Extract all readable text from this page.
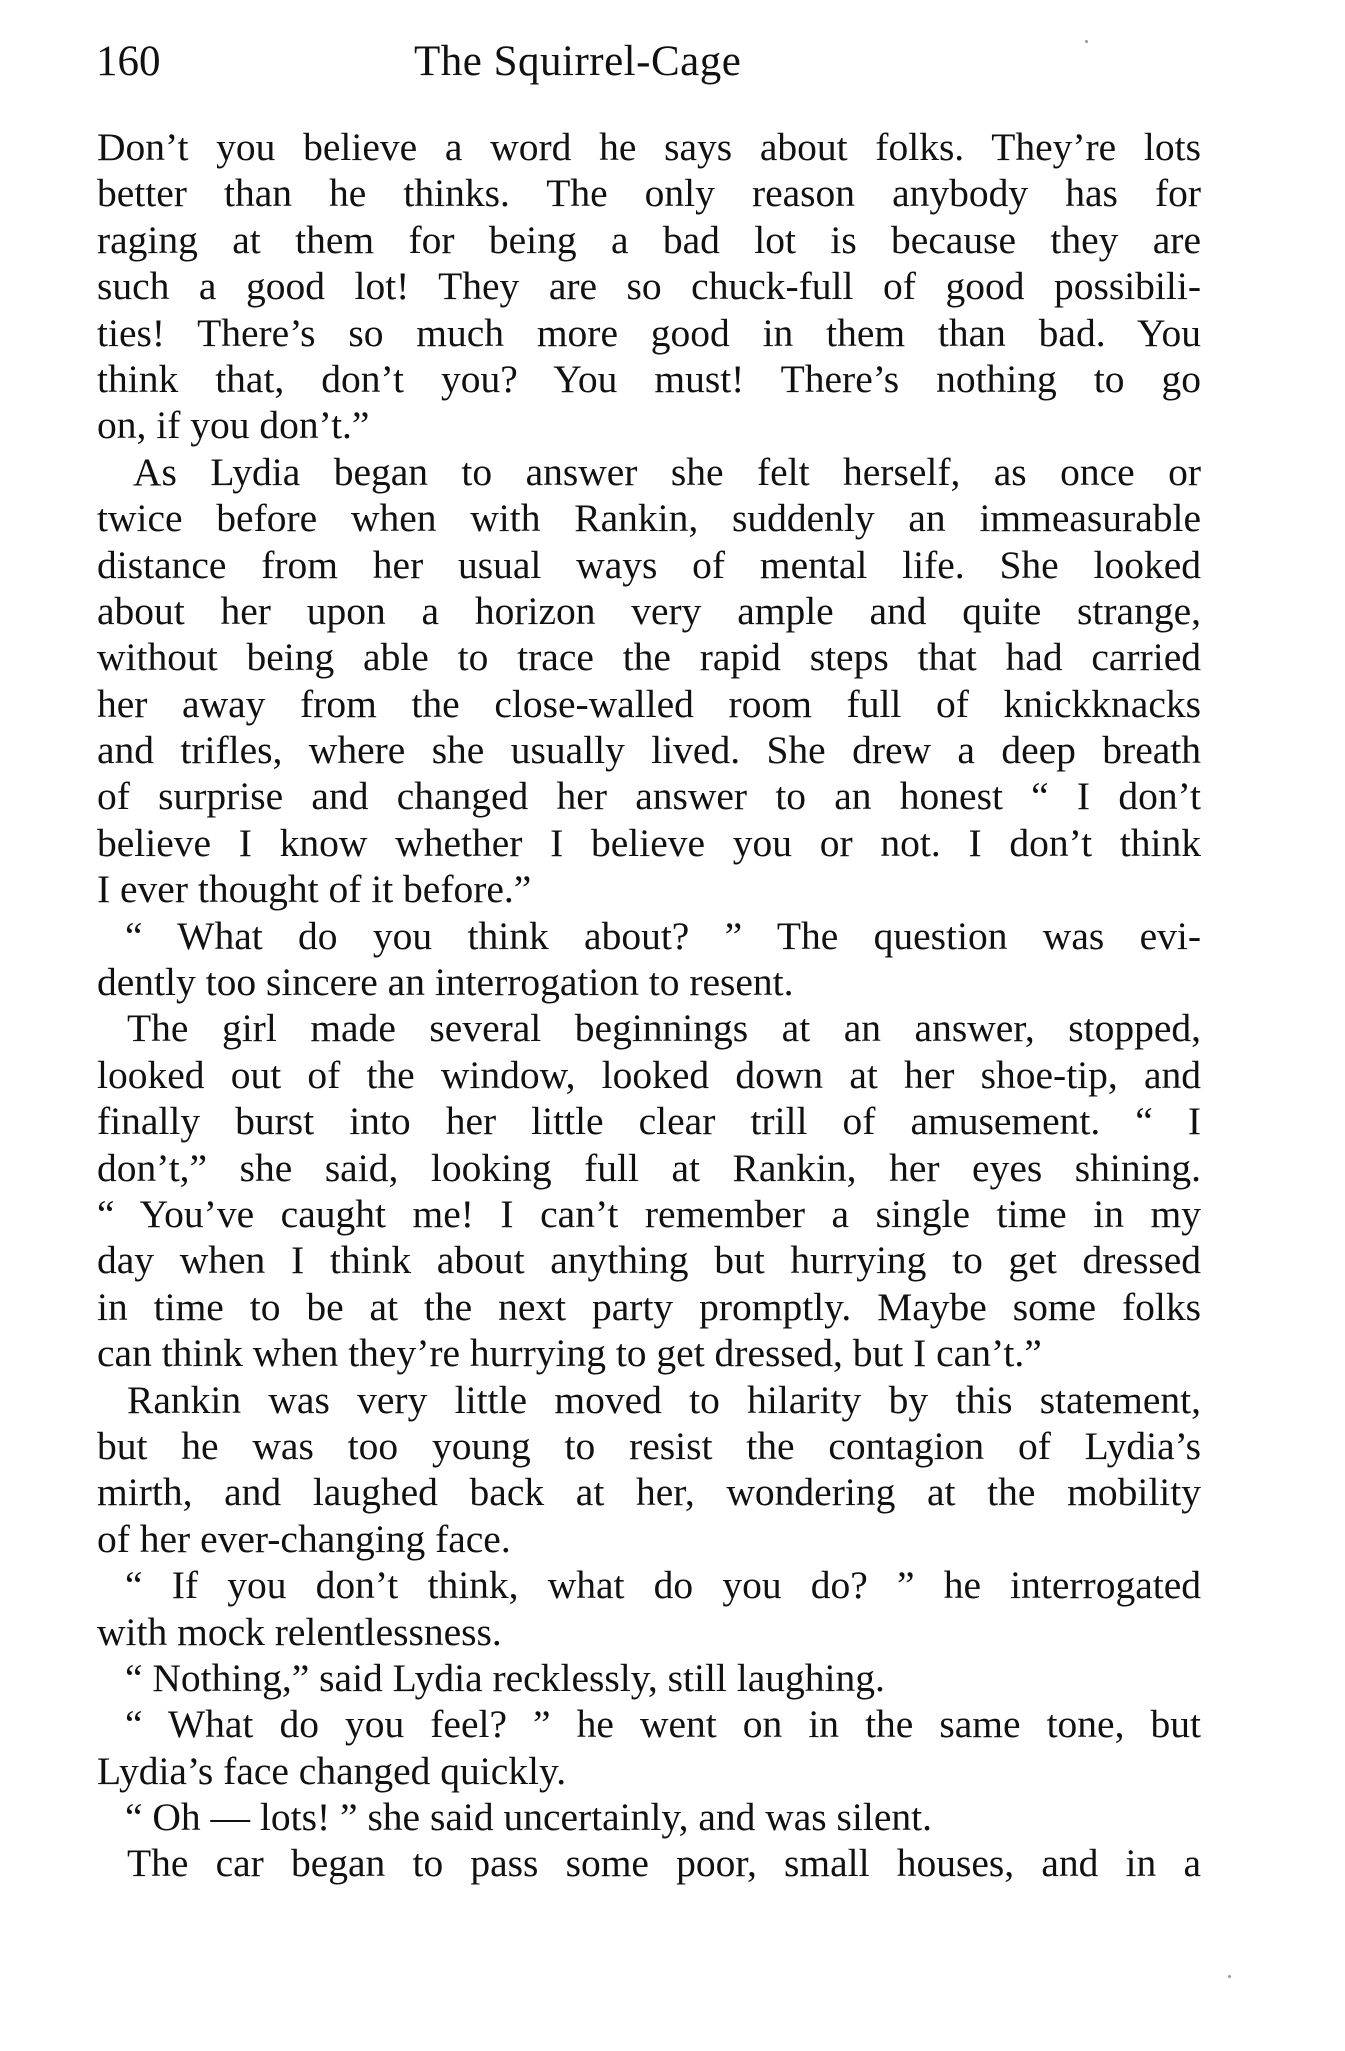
160	The Squirrel-Cage
Don’t you believe a word he says about folks. They’re lots
better than he thinks. The only reason anybody has for
raging at them for being a bad lot is because they are
such a good lot! They are so chuck-full of good possibili-
ties! There’s so much more good in them than bad. You
think that, don’t you? You must! There’s nothing to go
on, if you don’t.”
As Lydia began to answer she felt herself, as once or
twice before when with Rankin, suddenly an immeasurable
distance from her usual ways of mental life. She looked
about her upon a horizon very ample and quite strange,
without being able to trace the rapid steps that had carried
her away from the close-walled room full of knickknacks
and trifles, where she usually lived. She drew a deep breath
of surprise and changed her answer to an honest “ I don’t
believe I know whether I believe you or not. I don’t think
I ever thought of it before.”
“ What do you think about? ” The question was evi-
dently too sincere an interrogation to resent.
The girl made several beginnings at an answer, stopped,
looked out of the window, looked down at her shoe-tip, and
finally burst into her little clear trill of amusement. “ I
don’t,” she said, looking full at Rankin, her eyes shining.
“ You’ve caught me! I can’t remember a single time in my
day when I think about anything but hurrying to get dressed
in time to be at the next party promptly. Maybe some folks
can think when they’re hurrying to get dressed, but I can’t.”
Rankin was very little moved to hilarity by this statement,
but he was too young to resist the contagion of Lydia’s
mirth, and laughed back at her, wondering at the mobility
of her ever-changing face.
“ If you don’t think, what do you do? ” he interrogated
with mock relentlessness.
“ Nothing,” said Lydia recklessly, still laughing.
“ What do you feel? ” he went on in the same tone, but
Lydia’s face changed quickly.
“ Oh — lots! ” she said uncertainly, and was silent.
The car began to pass some poor, small houses, and in a
